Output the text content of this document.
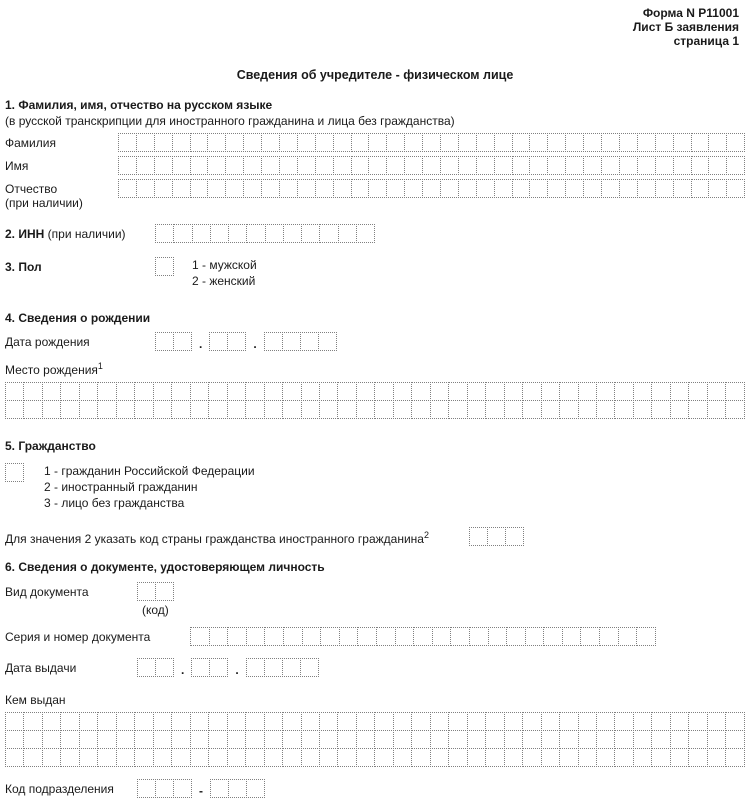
Форма N Р11001
Лист Б заявления
страница 1
Сведения об учредителе - физическом лице
1. Фамилия, имя, отчество на русском языке
(в русской транскрипции для иностранного гражданина и лица без гражданства)
Фамилия
Имя
Отчество
(при наличии)
2. ИНН (при наличии)
3. Пол	1 - мужской
2 - женский
4. Сведения о рождении
Дата рождения	.	.
Место рождения$^1$
5. Гражданство
1 - гражданин Российской Федерации
2 - иностранный гражданин
3 - лицо без гражданства
Для значения 2 указать код страны гражданства иностранного гражданина$^2$
6. Сведения о документе, удостоверяющем личность
Вид документа
(код)
Серия и номер документа
Дата выдачи	.	.
Кем выдан
Код подразделения	-
